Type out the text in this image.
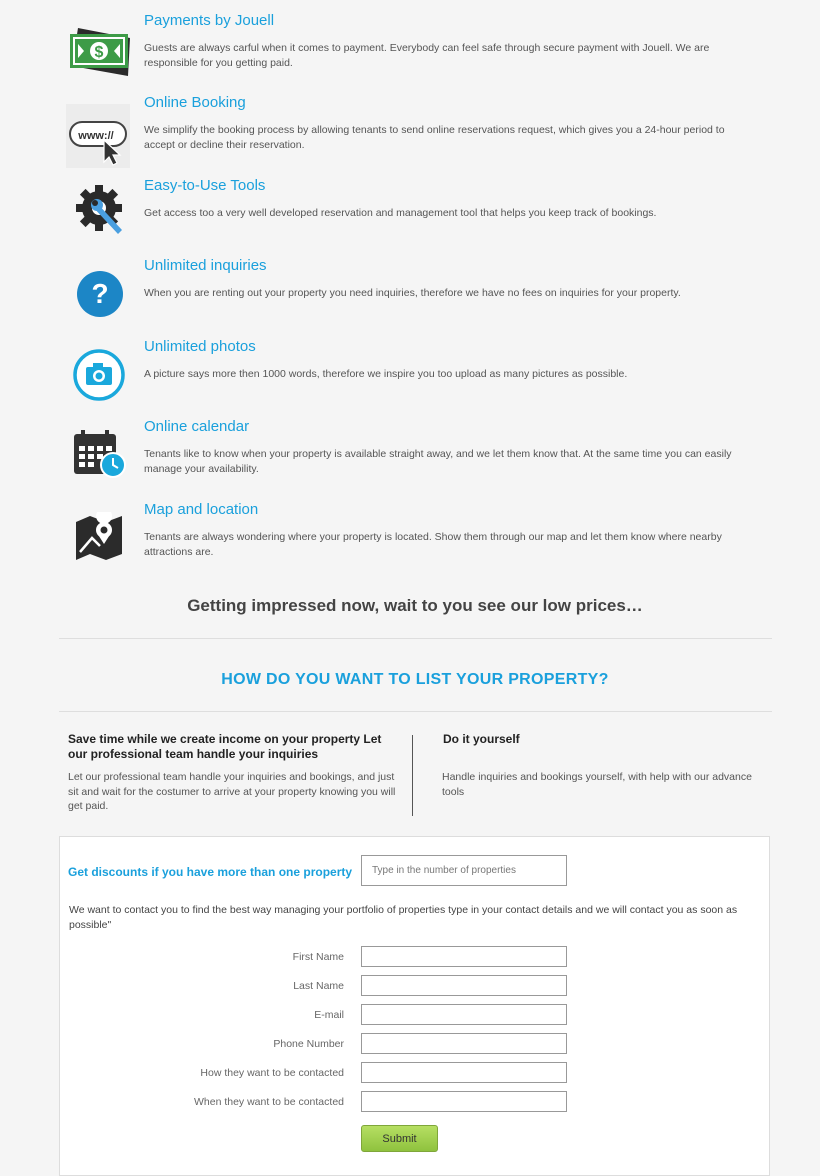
$
Payments by Jouell
Guests are always carful when it comes to payment. Everybody can feel safe through secure payment with Jouell. We are responsible for you getting paid.
www://
Online Booking
We simplify the booking process by allowing tenants to send online reservations request, which gives you a 24-hour period to accept or decline their reservation.
Easy-to-Use Tools
Get access too a very well developed reservation and management tool that helps you keep track of bookings.
?
Unlimited inquiries
When you are renting out your property you need inquiries, therefore we have no fees on inquiries for your property.
Unlimited photos
A picture says more then 1000 words, therefore we inspire you too upload as many pictures as possible.
Online calendar
Tenants like to know when your property is available straight away, and we let them know that. At the same time you can easily manage your availability.
Map and location
Tenants are always wondering where your property is located. Show them through our map and let them know where nearby attractions are.
Getting impressed now, wait to you see our low prices…
HOW DO YOU WANT TO LIST YOUR PROPERTY?
Save time while we create income on your property Let our professional team handle your inquiries
Let our professional team handle your inquiries and bookings, and just sit and wait for the costumer to arrive at your property knowing you will get paid.
Do it yourself
Handle inquiries and bookings yourself, with help with our advance tools
Get discounts if you have more than one property
Type in the number of properties
We want to contact you to find the best way managing your portfolio of properties type in your contact details and we will contact you as soon as possible"
First Name
Last Name
E-mail
Phone Number
How they want to be contacted
When they want to be contacted
Submit
